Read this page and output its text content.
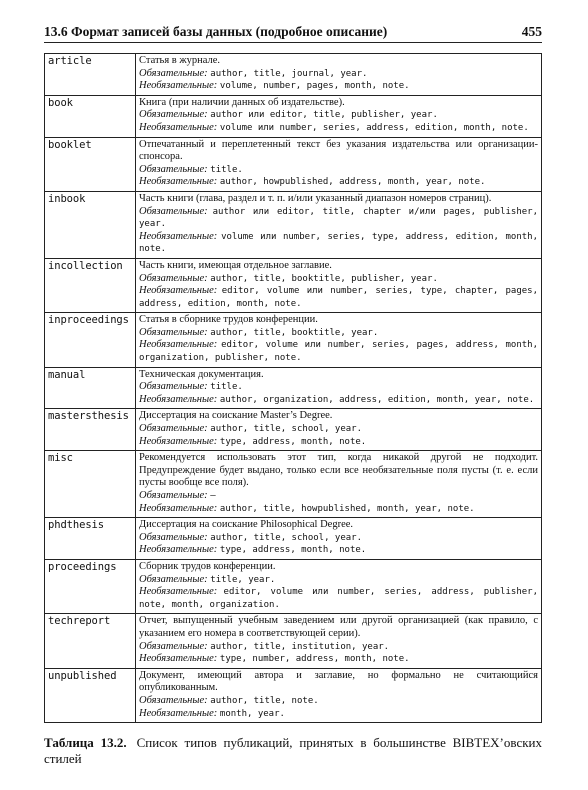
13.6 Формат записей базы данных (подробное описание)	455
article	Статья в журнале.
Обязательные: author, title, journal, year.
Необязательные: volume, number, pages, month, note.

book	Книга (при наличии данных об издательстве).
Обязательные: author или editor, title, publisher, year.
Необязательные: volume или number, series, address, edition, month, note.

booklet	Отпечатанный и переплетенный текст без указания издательства или организации-спонсора.
Обязательные: title.
Необязательные: author, howpublished, address, month, year, note.

inbook	Часть книги (глава, раздел и т. п. и/или указанный диапазон номеров страниц).
Обязательные: author или editor, title, chapter и/или pages, publisher, year.
Необязательные: volume или number, series, type, address, edition, month, note.

incollection	Часть книги, имеющая отдельное заглавие.
Обязательные: author, title, booktitle, publisher, year.
Необязательные: editor, volume или number, series, type, chapter, pages, address, edition, month, note.

inproceedings	Статья в сборнике трудов конференции.
Обязательные: author, title, booktitle, year.
Необязательные: editor, volume или number, series, pages, address, month, organization, publisher, note.

manual	Техническая документация.
Обязательные: title.
Необязательные: author, organization, address, edition, month, year, note.

mastersthesis	Диссертация на соискание Master’s Degree.
Обязательные: author, title, school, year.
Необязательные: type, address, month, note.

misc	Рекомендуется использовать этот тип, когда никакой другой не подходит. Предупреждение будет выдано, только если все необязательные поля пусты (т. е. если пусты вообще все поля).
Обязательные: –
Необязательные: author, title, howpublished, month, year, note.

phdthesis	Диссертация на соискание Philosophical Degree.
Обязательные: author, title, school, year.
Необязательные: type, address, month, note.

proceedings	Сборник трудов конференции.
Обязательные: title, year.
Необязательные: editor, volume или number, series, address, publisher, note, month, organization.

techreport	Отчет, выпущенный учебным заведением или другой организацией (как правило, с указанием его номера в соответствующей серии).
Обязательные: author, title, institution, year.
Необязательные: type, number, address, month, note.

unpublished	Документ, имеющий автора и заглавие, но формально не считающийся опубликованным.
Обязательные: author, title, note.
Необязательные: month, year.
Таблица 13.2. Список типов публикаций, принятых в большинстве BIBTEX’овских стилей
